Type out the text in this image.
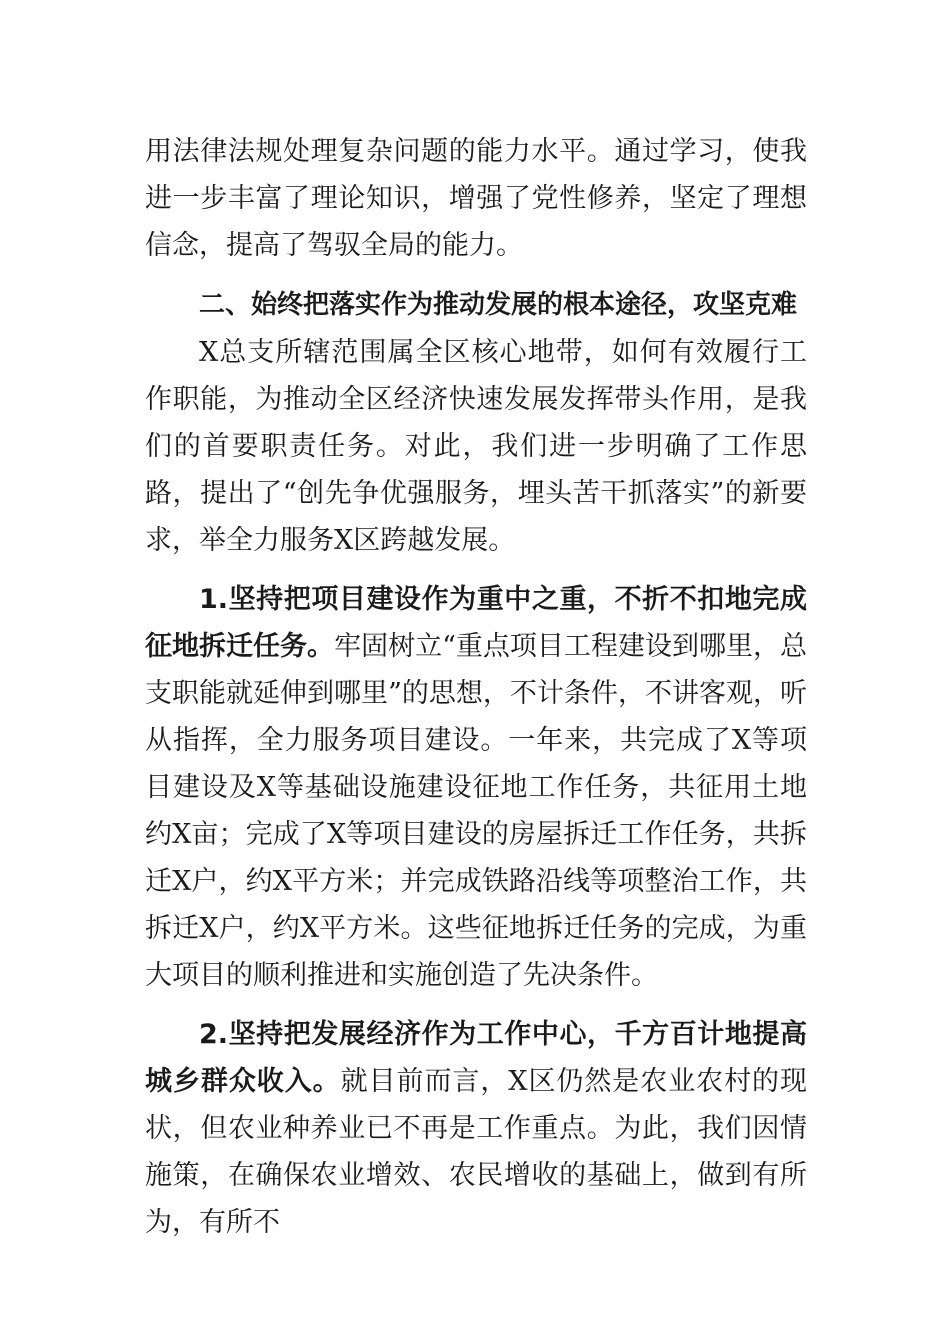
用法律法规处理复杂问题的能力水平。通过学习，使我进一步丰富了理论知识，增强了党性修养，坚定了理想信念，提高了驾驭全局的能力。

二、始终把落实作为推动发展的根本途径，攻坚克难

X总支所辖范围属全区核心地带，如何有效履行工作职能，为推动全区经济快速发展发挥带头作用，是我们的首要职责任务。对此，我们进一步明确了工作思路，提出了“创先争优强服务，埋头苦干抓落实”的新要求，举全力服务X区跨越发展。

1.坚持把项目建设作为重中之重，不折不扣地完成征地拆迁任务。牢固树立“重点项目工程建设到哪里，总支职能就延伸到哪里”的思想，不计条件，不讲客观，听从指挥，全力服务项目建设。一年来，共完成了X等项目建设及X等基础设施建设征地工作任务，共征用土地约X亩；完成了X等项目建设的房屋拆迁工作任务，共拆迁X户，约X平方米；并完成铁路沿线等项整治工作，共拆迁X户，约X平方米。这些征地拆迁任务的完成，为重大项目的顺利推进和实施创造了先决条件。

2.坚持把发展经济作为工作中心，千方百计地提高城乡群众收入。就目前而言，X区仍然是农业农村的现状，但农业种养业已不再是工作重点。为此，我们因情施策，在确保农业增效、农民增收的基础上，做到有所为，有所不
